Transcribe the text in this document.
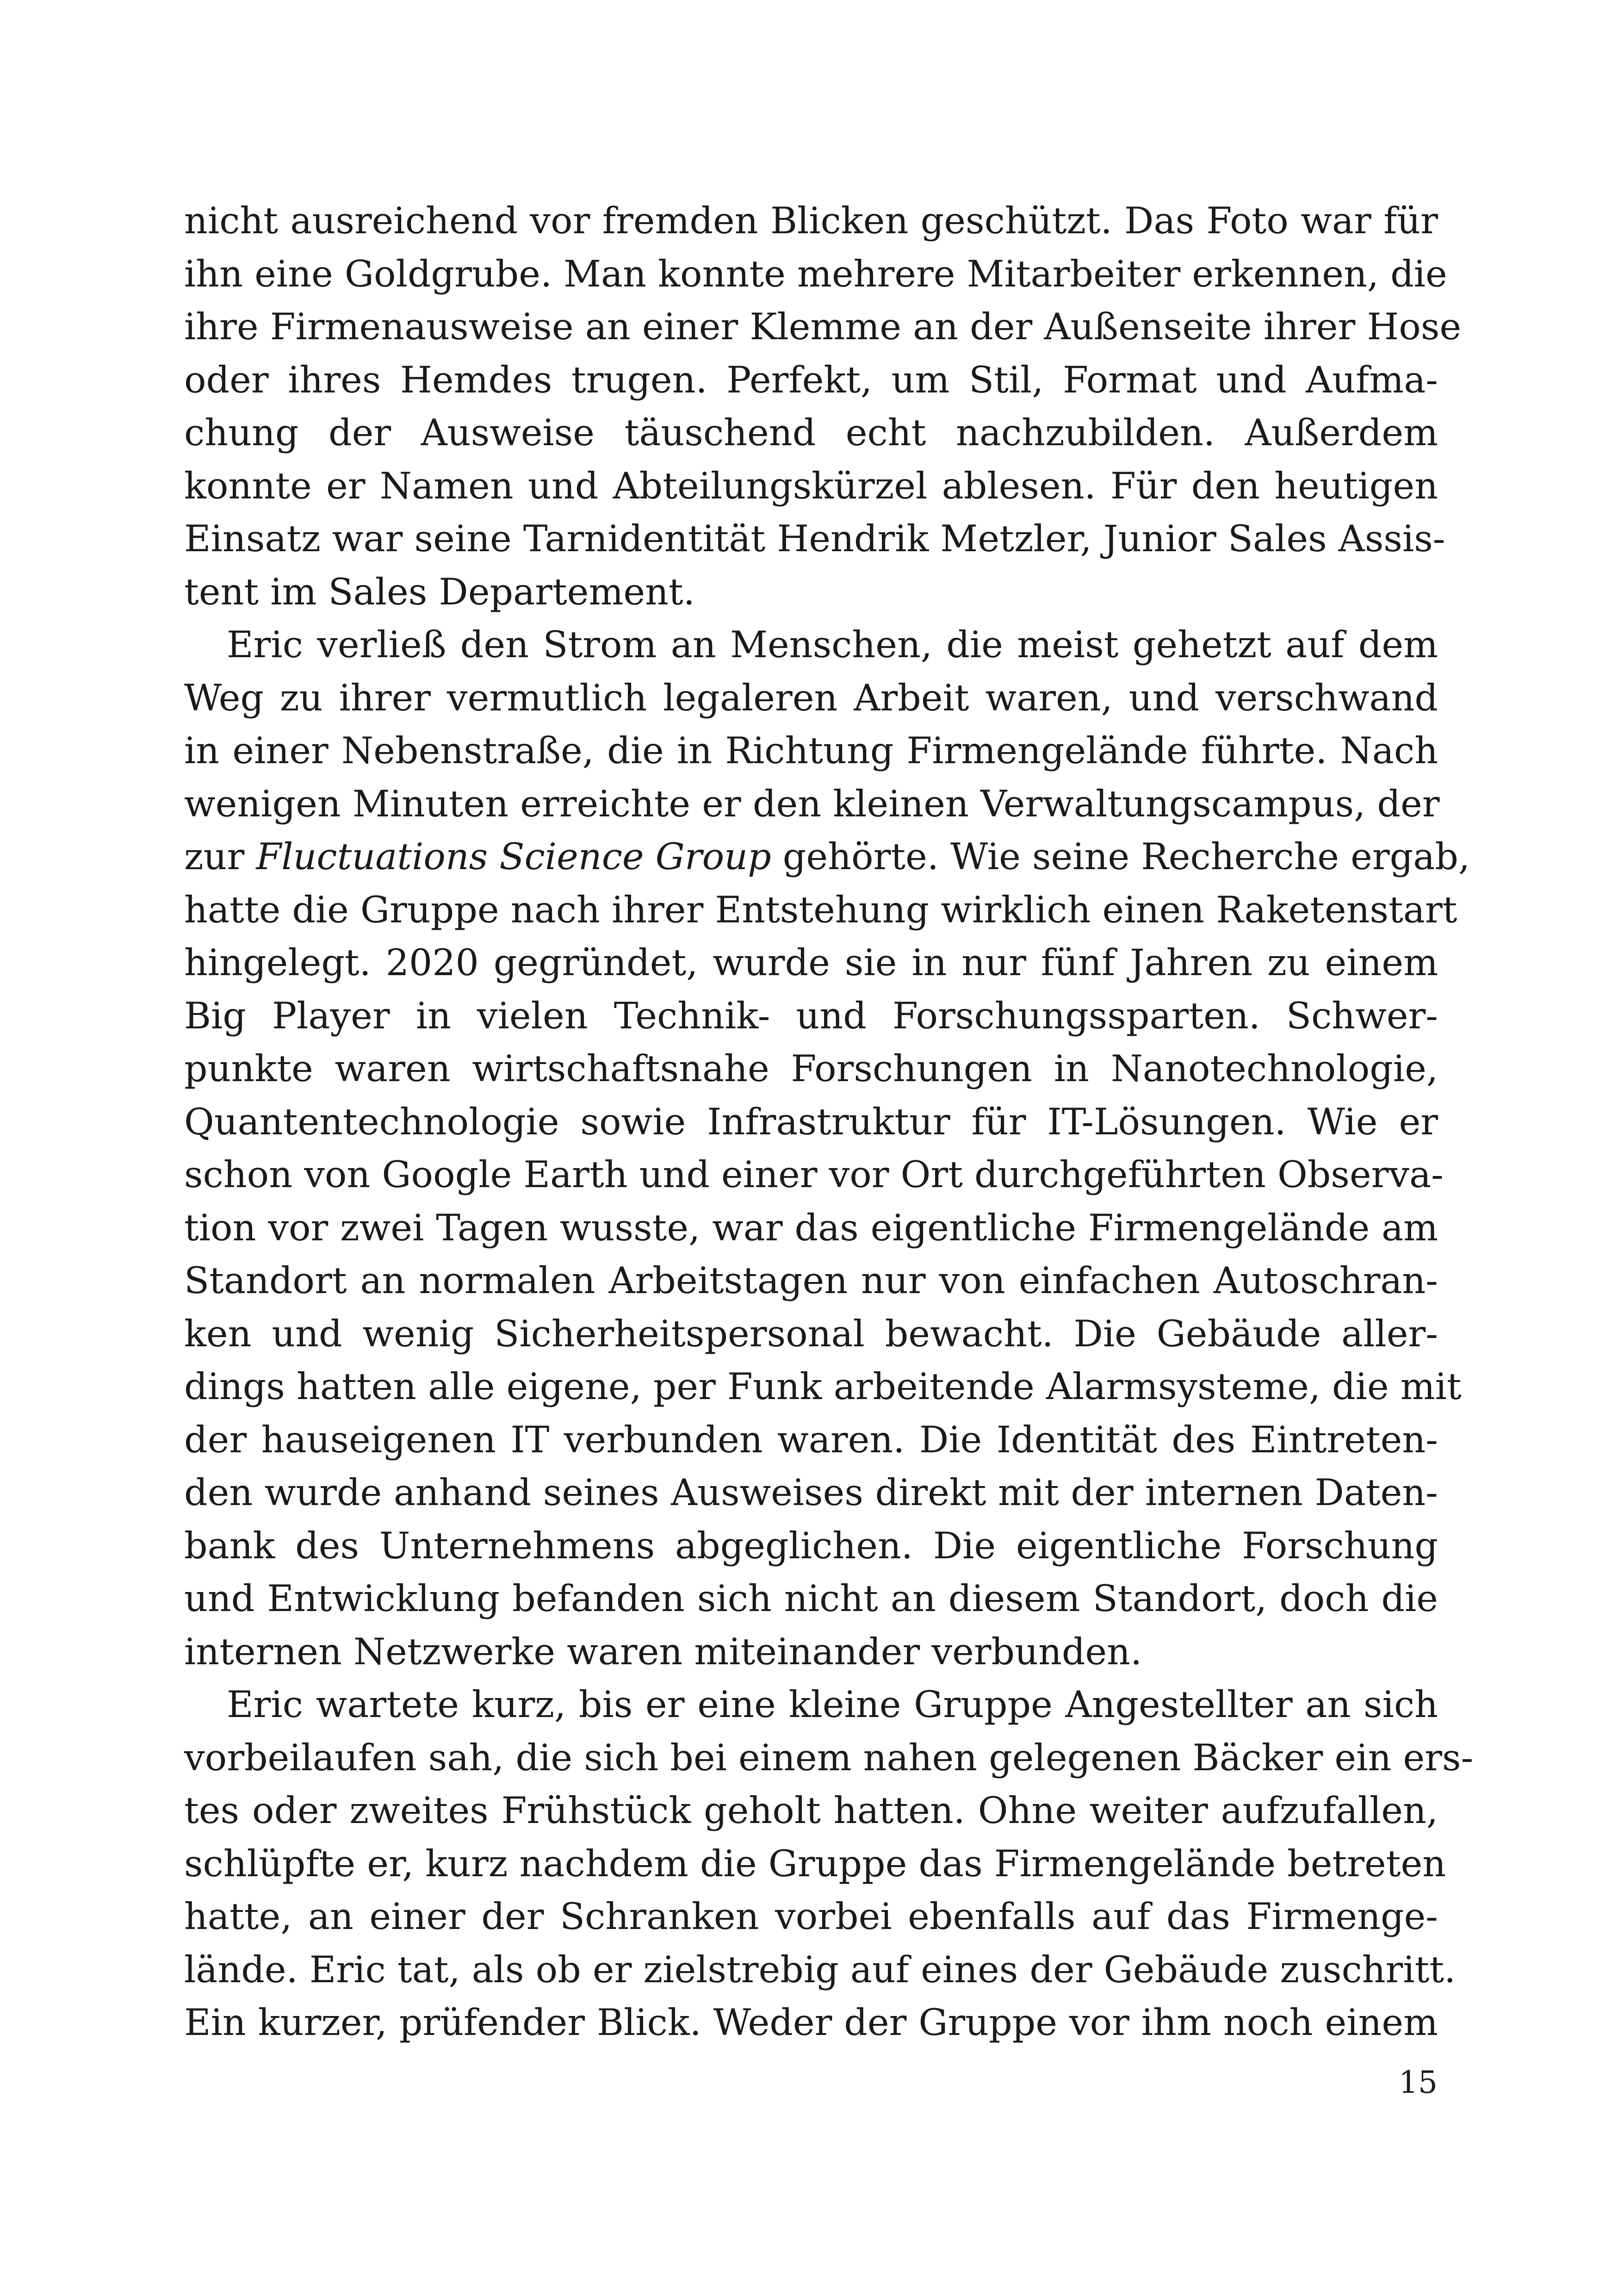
nicht ausreichend vor fremden Blicken geschützt. Das Foto war für
ihn eine Goldgrube. Man konnte mehrere Mitarbeiter erkennen, die
ihre Firmenausweise an einer Klemme an der Außenseite ihrer Hose
oder ihres Hemdes trugen. Perfekt, um Stil, Format und Aufma-
chung der Ausweise täuschend echt nachzubilden. Außerdem
konnte er Namen und Abteilungskürzel ablesen. Für den heutigen
Einsatz war seine Tarnidentität Hendrik Metzler, Junior Sales Assis-
tent im Sales Departement.
Eric verließ den Strom an Menschen, die meist gehetzt auf dem
Weg zu ihrer vermutlich legaleren Arbeit waren, und verschwand
in einer Nebenstraße, die in Richtung Firmengelände führte. Nach
wenigen Minuten erreichte er den kleinen Verwaltungscampus, der
zur Fluctuations Science Group gehörte. Wie seine Recherche ergab,
hatte die Gruppe nach ihrer Entstehung wirklich einen Raketenstart
hingelegt. 2020 gegründet, wurde sie in nur fünf Jahren zu einem
Big Player in vielen Technik- und Forschungssparten. Schwer-
punkte waren wirtschaftsnahe Forschungen in Nanotechnologie,
Quantentechnologie sowie Infrastruktur für IT-Lösungen. Wie er
schon von Google Earth und einer vor Ort durchgeführten Observa-
tion vor zwei Tagen wusste, war das eigentliche Firmengelände am
Standort an normalen Arbeitstagen nur von einfachen Autoschran-
ken und wenig Sicherheitspersonal bewacht. Die Gebäude aller-
dings hatten alle eigene, per Funk arbeitende Alarmsysteme, die mit
der hauseigenen IT verbunden waren. Die Identität des Eintreten-
den wurde anhand seines Ausweises direkt mit der internen Daten-
bank des Unternehmens abgeglichen. Die eigentliche Forschung
und Entwicklung befanden sich nicht an diesem Standort, doch die
internen Netzwerke waren miteinander verbunden.
Eric wartete kurz, bis er eine kleine Gruppe Angestellter an sich
vorbeilaufen sah, die sich bei einem nahen gelegenen Bäcker ein ers-
tes oder zweites Frühstück geholt hatten. Ohne weiter aufzufallen,
schlüpfte er, kurz nachdem die Gruppe das Firmengelände betreten
hatte, an einer der Schranken vorbei ebenfalls auf das Firmenge-
lände. Eric tat, als ob er zielstrebig auf eines der Gebäude zuschritt.
Ein kurzer, prüfender Blick. Weder der Gruppe vor ihm noch einem
15
